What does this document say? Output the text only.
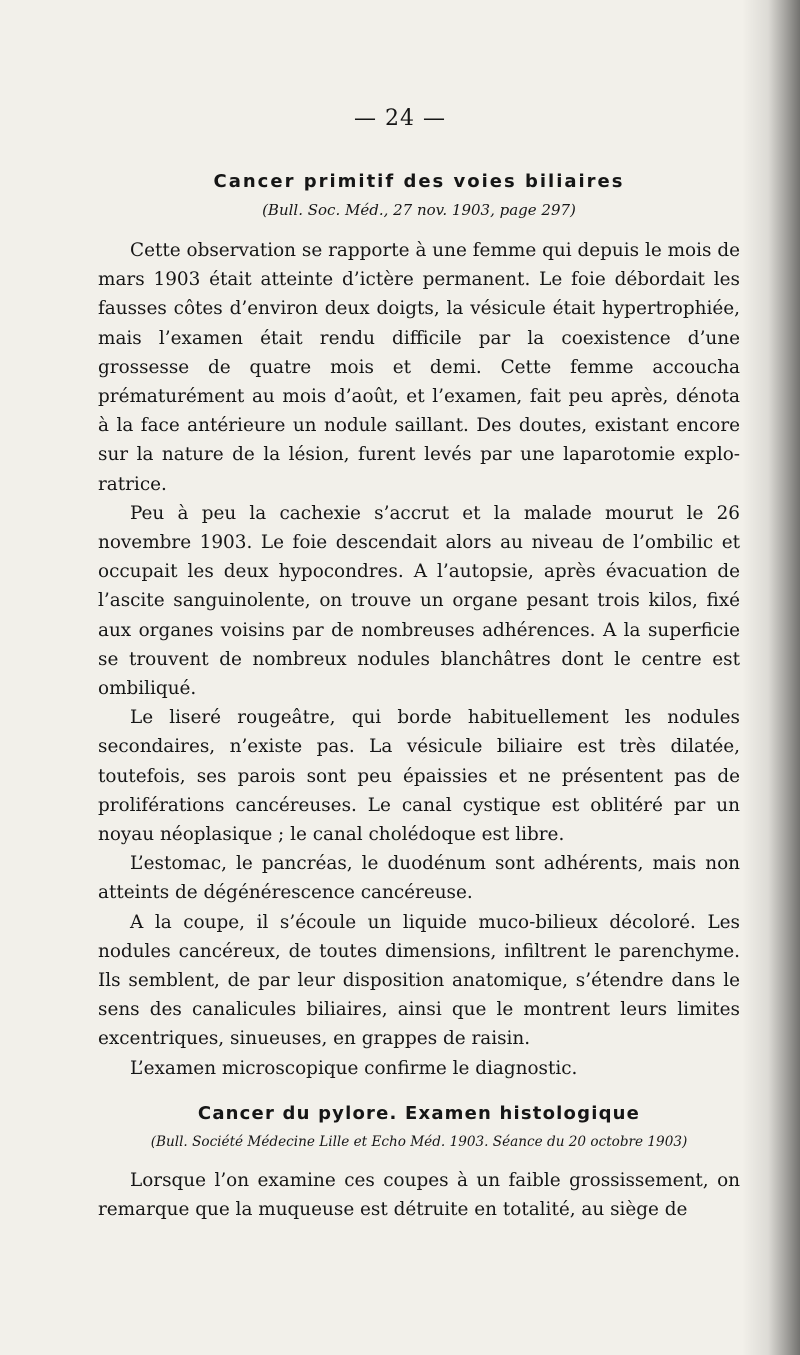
— 24 —
Cancer primitif des voies biliaires
(Bull. Soc. Méd., 27 nov. 1903, page 297)

Cette observation se rapporte à une femme qui depuis le mois de mars 1903 était atteinte d’ictère permanent. Le foie débordait les fausses côtes d’environ deux doigts, la vésicule était hypertrophiée, mais l’examen était rendu difficile par la coexistence d’une grossesse de quatre mois et demi. Cette femme accoucha prématurément au mois d’août, et l’examen, fait peu après, dénota à la face antérieure un nodule saillant. Des doutes, existant encore sur la nature de la lésion, furent levés par une laparotomie exploratrice.

Peu à peu la cachexie s’accrut et la malade mourut le 26 novembre 1903. Le foie descendait alors au niveau de l’ombilic et occupait les deux hypocondres. A l’autopsie, après évacuation de l’ascite sanguinolente, on trouve un organe pesant trois kilos, fixé aux organes voisins par de nombreuses adhérences. A la superficie se trouvent de nombreux nodules blanchâtres dont le centre est ombiliqué.

Le liseré rougeâtre, qui borde habituellement les nodules secondaires, n’existe pas. La vésicule biliaire est très dilatée, toutefois, ses parois sont peu épaissies et ne présentent pas de proliférations cancéreuses. Le canal cystique est oblitéré par un noyau néoplasique ; le canal cholédoque est libre.

L’estomac, le pancréas, le duodénum sont adhérents, mais non atteints de dégénérescence cancéreuse.

A la coupe, il s’écoule un liquide muco-bilieux décoloré. Les nodules cancéreux, de toutes dimensions, infiltrent le parenchyme. Ils semblent, de par leur disposition anatomique, s’étendre dans le sens des canalicules biliaires, ainsi que le montrent leurs limites excentriques, sinueuses, en grappes de raisin.

L’examen microscopique confirme le diagnostic.

Cancer du pylore. Examen histologique
(Bull. Société Médecine Lille et Echo Méd. 1903. Séance du 20 octobre 1903)

Lorsque l’on examine ces coupes à un faible grossissement, on remarque que la muqueuse est détruite en totalité, au siège de
